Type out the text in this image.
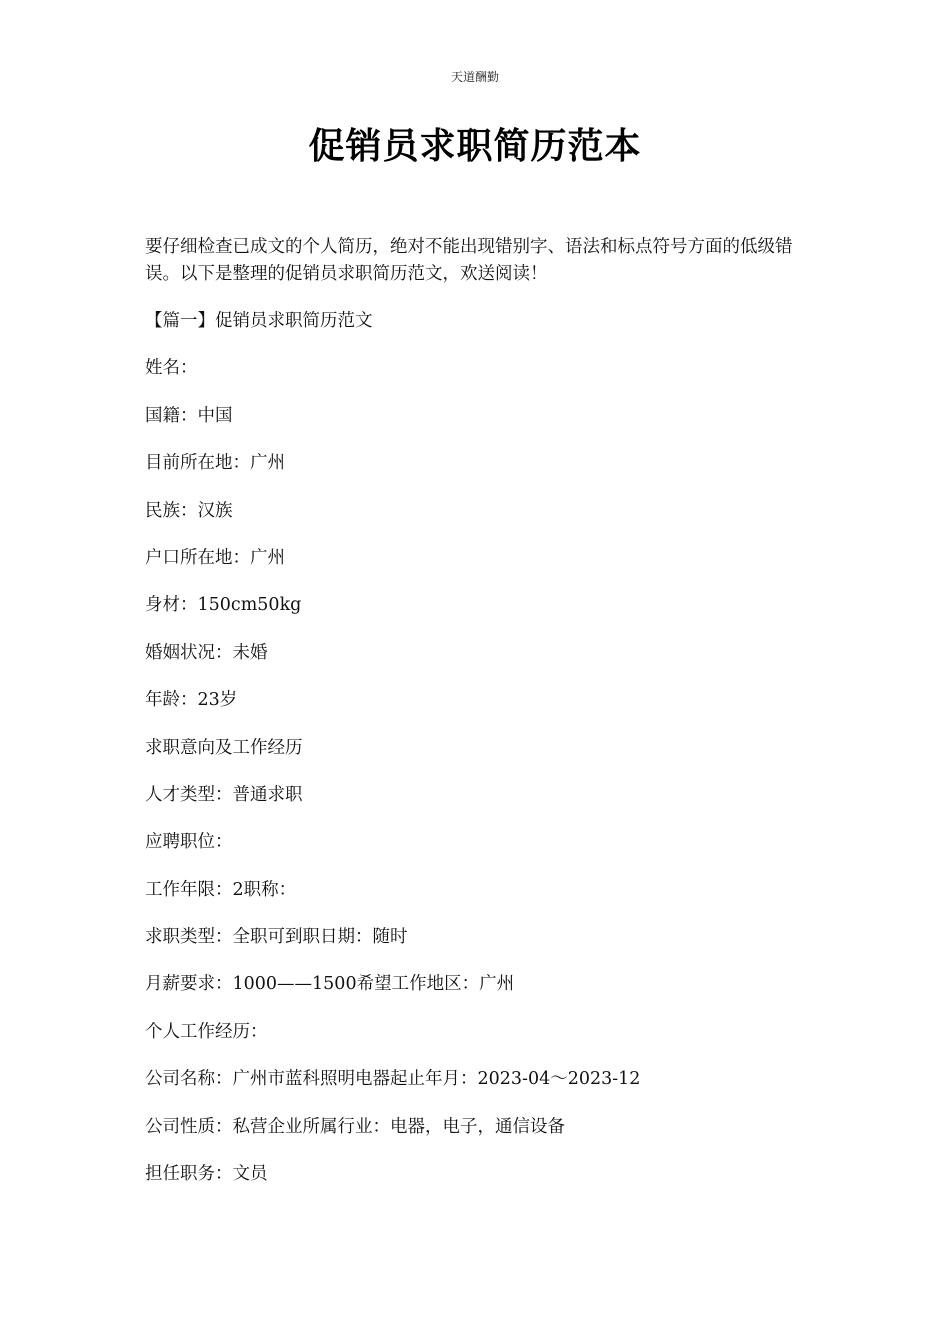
天道酬勤
促销员求职简历范本

要仔细检查已成文的个人简历，绝对不能出现错别字、语法和标点符号方面的低级错误。以下是整理的促销员求职简历范文，欢送阅读！

【篇一】促销员求职简历范文

姓名：

国籍：中国

目前所在地：广州

民族：汉族

户口所在地：广州

身材：150cm50kg

婚姻状况：未婚

年龄：23岁

求职意向及工作经历

人才类型：普通求职

应聘职位：

工作年限：2职称：

求职类型：全职可到职日期：随时

月薪要求：1000——1500希望工作地区：广州

个人工作经历：

公司名称：广州市蓝科照明电器起止年月：2023-04～2023-12

公司性质：私营企业所属行业：电器，电子，通信设备

担任职务：文员
